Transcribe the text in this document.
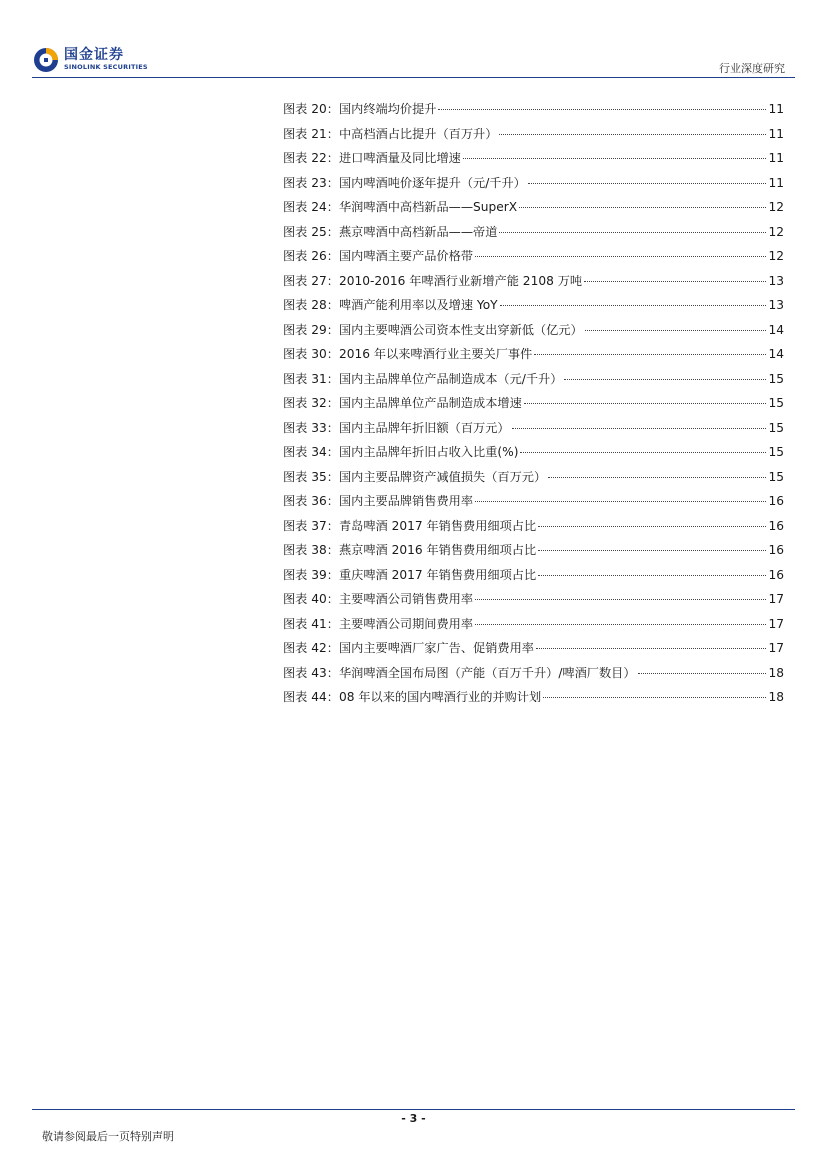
国金证券
SINOLINK SECURITIES	行业深度研究
图表 20：国内终端均价提升	11
图表 21：中高档酒占比提升（百万升）	11
图表 22：进口啤酒量及同比增速	11
图表 23：国内啤酒吨价逐年提升（元/千升）	11
图表 24：华润啤酒中高档新品——SuperX	12
图表 25：燕京啤酒中高档新品——帝道	12
图表 26：国内啤酒主要产品价格带	12
图表 27：2010-2016 年啤酒行业新增产能 2108 万吨	13
图表 28：啤酒产能利用率以及增速 YoY	13
图表 29：国内主要啤酒公司资本性支出穿新低（亿元）	14
图表 30：2016 年以来啤酒行业主要关厂事件	14
图表 31：国内主品牌单位产品制造成本（元/千升）	15
图表 32：国内主品牌单位产品制造成本增速	15
图表 33：国内主品牌年折旧额（百万元）	15
图表 34：国内主品牌年折旧占收入比重(%)	15
图表 35：国内主要品牌资产减值损失（百万元）	15
图表 36：国内主要品牌销售费用率	16
图表 37：青岛啤酒 2017 年销售费用细项占比	16
图表 38：燕京啤酒 2016 年销售费用细项占比	16
图表 39：重庆啤酒 2017 年销售费用细项占比	16
图表 40：主要啤酒公司销售费用率	17
图表 41：主要啤酒公司期间费用率	17
图表 42：国内主要啤酒厂家广告、促销费用率	17
图表 43：华润啤酒全国布局图（产能（百万千升）/啤酒厂数目）	18
图表 44：08 年以来的国内啤酒行业的并购计划	18
- 3 -
敬请参阅最后一页特别声明
